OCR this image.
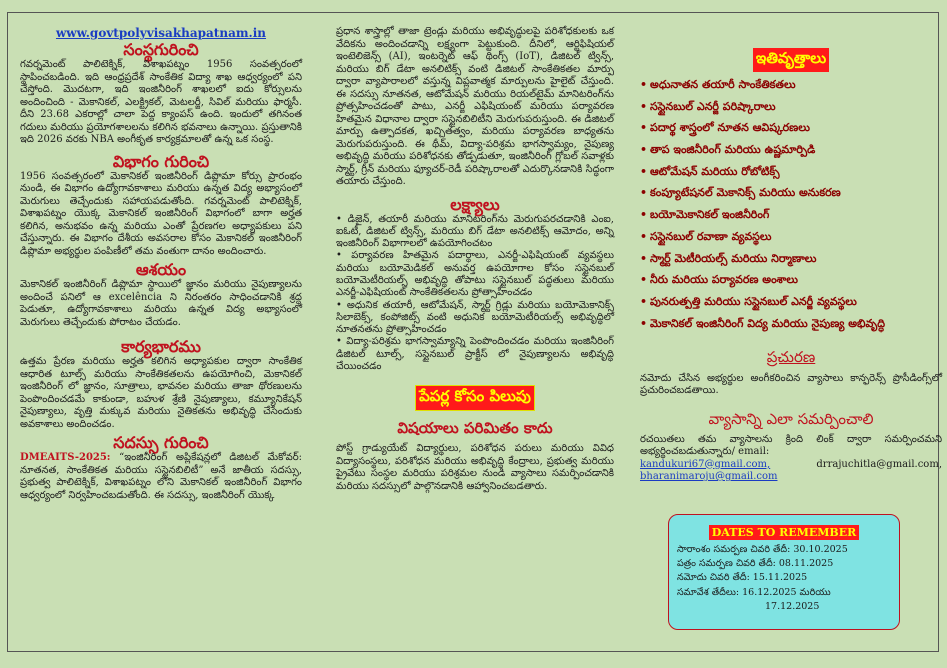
www.govtpolyvisakhapatnam.in

సంస్థగురించి

గవర్నమెంట్ పాలిటెక్నిక్, విశాఖపట్నం 1956 సంవత్సరంలో స్థాపించబడింది. ఇది ఆంధ్రప్రదేశ్ సాంకేతిక విద్యా శాఖ ఆధ్వర్యంలో పని చేస్తోంది. మొదటగా, ఇది ఇంజినీరింగ్ శాఖలలో ఐదు కోర్సులను అందించింది - మెకానికల్, ఎలక్ట్రికల్, మెటలర్జీ, సివిల్ మరియు ఫార్మసీ. దీని 23.68 ఎకరాల్లో చాలా పెద్ద క్యాంపస్ ఉంది. ఇందులో తగినంత గదులు మరియు ప్రయోగశాలలను కలిగిన భవనాలు ఉన్నాయి. ప్రస్తుతానికి ఇది 2026 వరకు NBA అంగీకృత కార్యక్రమాలతో ఉన్న ఒక సంస్థ.

విభాగం గురించి

1956 సంవత్సరంలో మెకానికల్ ఇంజినీరింగ్ డిప్లొమా కోర్సు ప్రారంభం నుండి, ఈ విభాగం ఉద్యోగావకాశాలు మరియు ఉన్నత విద్య అభ్యాసంలో మెరుగులు తెచ్చేందుకు సహాయపడుతోంది. గవర్నమెంట్ పాలిటెక్నిక్, విశాఖపట్నం యొక్క మెకానికల్ ఇంజినీరింగ్ విభాగంలో బాగా అర్హత కలిగిన, అనుభవం ఉన్న మరియు ఎంతో ప్రేరణగల అధ్యాపకులు పని చేస్తున్నారు. ఈ విభాగం దేశీయ అవసరాల కోసం మెకానికల్ ఇంజినీరింగ్ డిప్లొమా అభ్యర్థుల పంపిణీలో తమ వంతుగా దానం అందించారు.

ఆశయం

మెకానికల్ ఇంజినీరింగ్ డిప్లొమా స్థాయిలో జ్ఞానం మరియు నైపుణ్యాలను అందించే పనిలో ఆ excelência ని నిరంతరం సాధించడానికి శ్రద్ధ పెడుతూ, ఉద్యోగావకాశాలు మరియు ఉన్నత విద్య అభ్యాసంలో మెరుగులు తెచ్చేందుకు పోరాటం చేయడం.

కార్యభారము

ఉత్తమ ప్రేరణ మరియు అర్హత కలిగిన అధ్యాపకుల ద్వారా సాంకేతిక ఆధారిత టూల్స్ మరియు సాంకేతికతలను ఉపయోగించి, మెకానికల్ ఇంజినీరింగ్ లో జ్ఞానం, సూత్రాలు, భావనల మరియు తాజా థోరణులను పెంపొందించడమే కాకుండా, బహుళ శ్రేణి నైపుణ్యాలు, కమ్యూనికేషన్ నైపుణ్యాలు, వృత్తి మక్కువ మరియు నైతికతను అభివృద్ధి చేసేందుకు అవకాశాలు అందించడం.

సదస్సు గురించి

DMEAITS-2025: “ఇంజినీరింగ్ అప్లికేషన్లలో డిజిటల్ మేకోవర్: నూతనత, సాంకేతికత మరియు సస్టైనబిలిటీ” అనే జాతీయ సదస్సు, ప్రభుత్వ పాలిటెక్నిక్, విశాఖపట్నం లోని మెకానికల్ ఇంజినీరింగ్ విభాగం ఆధ్వర్యంలో నిర్వహించబడుతోంది. ఈ సదస్సు, ఇంజినీరింగ్ యొక్క

ప్రధాన శాస్త్రాల్లో తాజా ట్రెండ్లు మరియు అభివృద్ధులపై పరిశోధకులకు ఒక వేదికను అందించడాన్ని లక్ష్యంగా పెట్టుకుంది. దీనిలో, ఆర్టిఫిషియల్ ఇంటెలిజెన్స్ (AI), ఇంటర్నెట్ ఆఫ్ థింగ్స్ (IoT), డిజిటల్ ట్విన్స్, మరియు బిగ్ డేటా అనలిటిక్స్ వంటి డిజిటల్ సాంకేతికతల మార్పు ద్వారా వ్యాపారాలలో వస్తున్న విప్లవాత్మక మార్పులను హైలైట్ చేస్తుంది. ఈ సదస్సు నూతనత, ఆటోమేషన్ మరియు రియల్‌టైమ్ మానిటరింగ్‌ను ప్రోత్సహించడంతో పాటు, ఎనర్జీ ఎఫిషియంట్ మరియు పర్యావరణ హితమైన విధానాల ద్వారా సస్టైనబిలిటీని మెరుగుపరుస్తుంది. ఈ డిజిటల్ మార్పు ఉత్పాదకత, ఖచ్చితత్వం, మరియు పర్యావరణ బాధ్యతను మెరుగుపరుస్తుంది. ఈ థీమ్, విద్యా-పరిశ్రమ భాగస్వామ్యం, నైపుణ్య అభివృద్ధి మరియు పరిశోధనకు తోడ్పడుతూ, ఇంజినీరింగ్ గ్లోబల్ సవాళ్లకు స్మార్ట్, గ్రీన్ మరియు ఫ్యూచర్-రెడీ పరిష్కారాలతో ఎదుర్కొనడానికి సిద్ధంగా తయారు చేస్తుంది.

లక్ష్యాలు
• డిజైన్, తయారీ మరియు మానిటరింగ్‌ను మెరుగుపరచడానికి ఎంఐ, ఐఓటీ, డిజిటల్ ట్విన్స్, మరియు బిగ్ డేటా అనలిటిక్స్ ఆమోదం, అన్ని ఇంజినీరింగ్ విభాగాలలో ఉపయోగించటం
• పర్యావరణ హితమైన పదార్థాలు, ఎనర్జీ-ఎఫిషియంట్ వ్యవస్థలు మరియు బయోమెడికల్ అనువర్త ఉపయోగాల కోసం సస్టైనబుల్ బయోమెటీరియల్స్ అభివృద్ధి తోపాటు సస్టైనబుల్ పద్ధతులు మరియు ఎనర్జీ-ఎఫిషియంట్ సాంకేతికతలను ప్రోత్సాహించడం
• అధునిక తయారీ, ఆటోమేషన్, స్మార్ట్ గ్రిడ్లు మరియు బయోమెకానిక్స్ సిలాబెక్స్, కంపోజిట్స్ వంటి అధునిక బయోమెటీరియల్స్ అభివృద్ధిలో నూతనతను ప్రోత్సాహించడం
• విద్యా-పరిశ్రమ భాగస్వామ్యాన్ని పెంపొందించడం మరియు ఇంజినీరింగ్ డిజిటల్ టూల్స్, సస్టైనబుల్ ప్రాక్టీస్ లో నైపుణ్యాలను అభివృద్ధి చేయించడం
పేపర్ల కోసం పిలుపు
విషయాలు పరిమితం కాదు

పోస్ట్ గ్రాడ్యుయేట్ విద్యార్థులు, పరిశోధన పరులు మరియు వివిధ విద్యాసంస్థలు, పరిశోధన మరియు అభివృద్ధి కేంద్రాలు, ప్రభుత్వ మరియు ప్రైవేటు సంస్థల మరియు పరిశ్రమల నుండి వ్యాసాలు సమర్పించడానికి మరియు సదస్సులో పాల్గొనడానికి ఆహ్వానించబడతారు.

ఇతివృత్తాలు
• అధునాతన తయారీ సాంకేతికతలు
• సస్టైనబుల్ ఎనర్జీ పరిష్కారాలు
• పదార్థ శాస్త్రంలో నూతన ఆవిష్కరణలు
• తాప ఇంజినీరింగ్ మరియు ఉష్ణమార్పిడి
• ఆటోమేషన్ మరియు రోబోటిక్స్
• కంప్యూటేషనల్ మెకానిక్స్ మరియు అనుకరణ
• బయోమెకానికల్ ఇంజినీరింగ్
• సస్టైనబుల్ రవాణా వ్యవస్థలు
• స్మార్ట్ మెటీరియల్స్ మరియు నిర్మాణాలు
• నీరు మరియు పర్యావరణ అంశాలు
• పునరుత్పత్తి మరియు సస్టైనబుల్ ఎనర్జీ వ్యవస్థలు
• మెకానికల్ ఇంజినీరింగ్ విద్య మరియు నైపుణ్య అభివృద్ధి
ప్రచురణ

నమోదు చేసిన అభ్యర్థుల అంగీకరించిన వ్యాసాలు కాన్ఫరెన్స్ ప్రొసీడింగ్స్‌లో ప్రచురించబడతాయి.

వ్యాసాన్ని ఎలా సమర్పించాలి

రచయితలు తమ వ్యాసాలను క్రింది లింక్ ద్వారా సమర్పించమని అభ్యర్థించబడుతున్నారు/ email:

kandukuri67@gmail.com,	drrajuchitla@gmail.com,

bharanimaroju@gmail.com
DATES TO REMEMBER
సారాంశం సమర్పణ చివరి తేదీ: 30.10.2025
పత్రం సమర్పణ చివరి తేదీ: 08.11.2025
నమోదు చివరి తేదీ: 15.11.2025
సమావేశ తేదీలు: 16.12.2025 మరియు
17.12.2025
